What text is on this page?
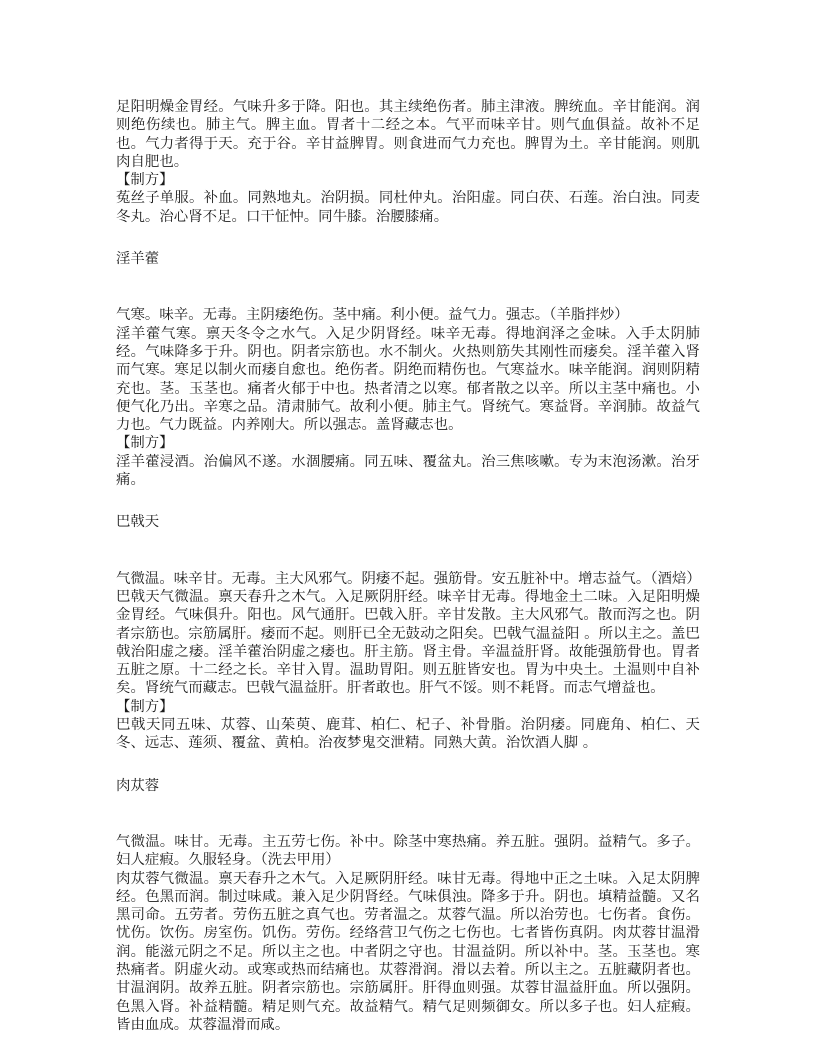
足阳明燥金胃经。气味升多于降。阳也。其主续绝伤者。肺主津液。脾统血。辛甘能润。润则绝伤续也。肺主气。脾主血。胃者十二经之本。气平而味辛甘。则气血俱益。故补不足也。气力者得于天。充于谷。辛甘益脾胃。则食进而气力充也。脾胃为土。辛甘能润。则肌肉自肥也。

【制方】

菟丝子单服。补血。同熟地丸。治阴损。同杜仲丸。治阳虚。同白茯、石莲。治白浊。同麦冬丸。治心肾不足。口干怔忡。同牛膝。治腰膝痛。

淫羊藿

气寒。味辛。无毒。主阴痿绝伤。茎中痛。利小便。益气力。强志。（羊脂拌炒）

淫羊藿气寒。禀天冬令之水气。入足少阴肾经。味辛无毒。得地润泽之金味。入手太阴肺经。气味降多于升。阴也。阴者宗筋也。水不制火。火热则筋失其刚性而痿矣。淫羊藿入肾而气寒。寒足以制火而痿自愈也。绝伤者。阴绝而精伤也。气寒益水。味辛能润。润则阴精充也。茎。玉茎也。痛者火郁于中也。热者清之以寒。郁者散之以辛。所以主茎中痛也。小便气化乃出。辛寒之品。清肃肺气。故利小便。肺主气。肾统气。寒益肾。辛润肺。故益气力也。气力既益。内养刚大。所以强志。盖肾藏志也。

【制方】

淫羊藿浸酒。治偏风不遂。水涸腰痛。同五味、覆盆丸。治三焦咳嗽。专为末泡汤漱。治牙痛。

巴戟天

气微温。味辛甘。无毒。主大风邪气。阴痿不起。强筋骨。安五脏补中。增志益气。（酒焙）

巴戟天气微温。禀天春升之木气。入足厥阴肝经。味辛甘无毒。得地金土二味。入足阳明燥金胃经。气味俱升。阳也。风气通肝。巴戟入肝。辛甘发散。主大风邪气。散而泻之也。阴者宗筋也。宗筋属肝。痿而不起。则肝已全无鼓动之阳矣。巴戟气温益阳 。所以主之。盖巴戟治阳虚之痿。淫羊藿治阴虚之痿也。肝主筋。肾主骨。辛温益肝肾。故能强筋骨也。胃者五脏之原。十二经之长。辛甘入胃。温助胃阳。则五脏皆安也。胃为中央土。土温则中自补矣。肾统气而藏志。巴戟气温益肝。肝者敢也。肝气不馁。则不耗肾。而志气增益也。

【制方】

巴戟天同五味、苁蓉、山茱萸、鹿茸、柏仁、杞子、补骨脂。治阴痿。同鹿角、柏仁、天冬、远志、莲须、覆盆、黄柏。治夜梦鬼交泄精。同熟大黄。治饮酒人脚 。

肉苁蓉

气微温。味甘。无毒。主五劳七伤。补中。除茎中寒热痛。养五脏。强阴。益精气。多子。妇人症瘕。久服轻身。（洗去甲用）

肉苁蓉气微温。禀天春升之木气。入足厥阴肝经。味甘无毒。得地中正之土味。入足太阴脾经。色黑而润。制过味咸。兼入足少阴肾经。气味俱浊。降多于升。阴也。填精益髓。又名黑司命。五劳者。劳伤五脏之真气也。劳者温之。苁蓉气温。所以治劳也。七伤者。食伤。忧伤。饮伤。房室伤。饥伤。劳伤。经络营卫气伤之七伤也。七者皆伤真阴。肉苁蓉甘温滑润。能滋元阴之不足。所以主之也。中者阴之守也。甘温益阴。所以补中。茎。玉茎也。寒热痛者。阴虚火动。或寒或热而结痛也。苁蓉滑润。滑以去着。所以主之。五脏藏阴者也。甘温润阴。故养五脏。阴者宗筋也。宗筋属肝。肝得血则强。苁蓉甘温益肝血。所以强阴。色黑入肾。补益精髓。精足则气充。故益精气。精气足则频御女。所以多子也。妇人症瘕。皆由血成。苁蓉温滑而咸。
